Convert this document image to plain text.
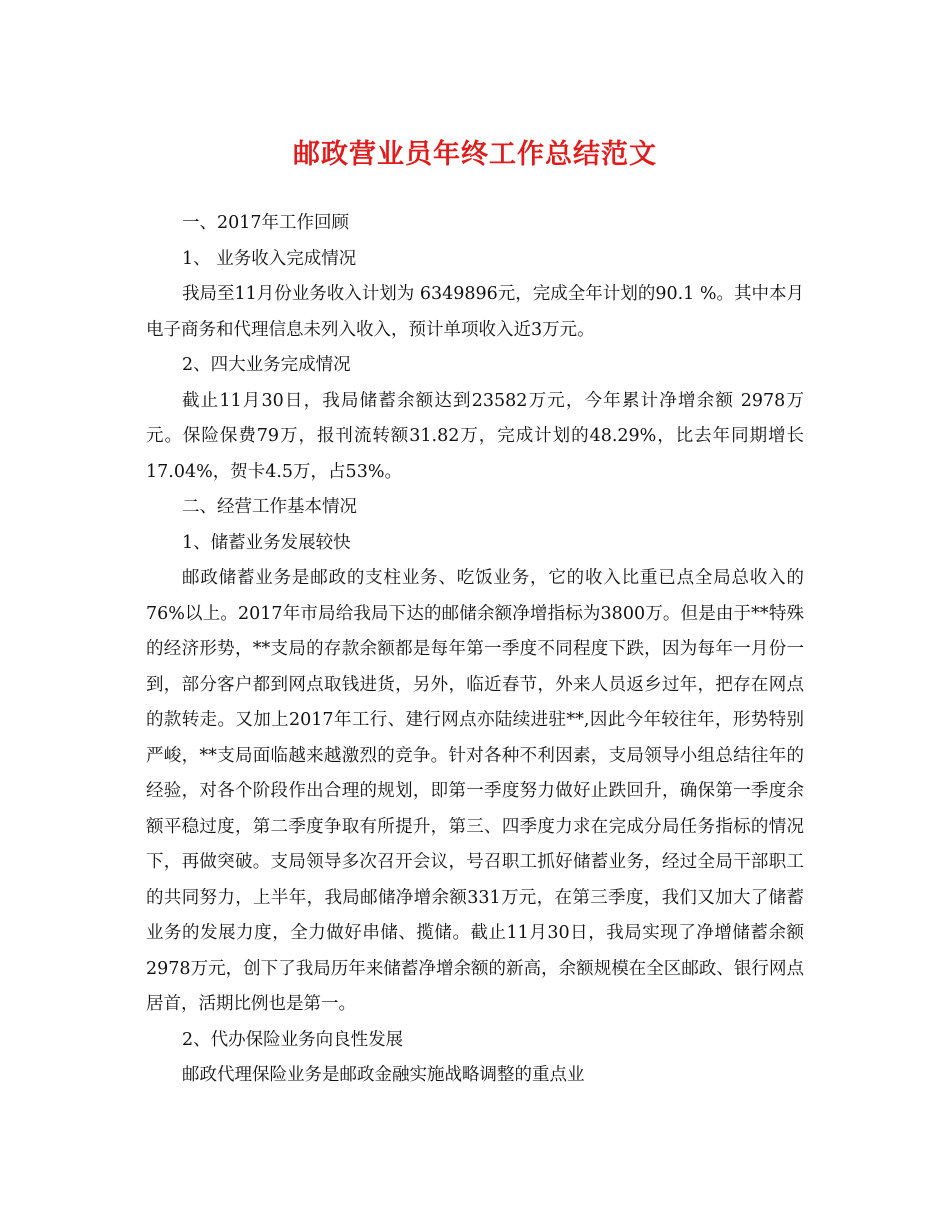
邮政营业员年终工作总结范文

一、2017年工作回顾

1、 业务收入完成情况

我局至11月份业务收入计划为 6349896元，完成全年计划的90.1 %。其中本月电子商务和代理信息未列入收入，预计单项收入近3万元。

2、四大业务完成情况

截止11月30日，我局储蓄余额达到23582万元，今年累计净增余额 2978万元。保险保费79万，报刊流转额31.82万，完成计划的48.29%，比去年同期增长17.04%，贺卡4.5万，占53%。

二、经营工作基本情况

1、储蓄业务发展较快

邮政储蓄业务是邮政的支柱业务、吃饭业务，它的收入比重已点全局总收入的76%以上。2017年市局给我局下达的邮储余额净增指标为3800万。但是由于**特殊的经济形势，**支局的存款余额都是每年第一季度不同程度下跌，因为每年一月份一到，部分客户都到网点取钱进货，另外，临近春节，外来人员返乡过年，把存在网点的款转走。又加上2017年工行、建行网点亦陆续进驻**,因此今年较往年，形势特别严峻，**支局面临越来越激烈的竞争。针对各种不利因素，支局领导小组总结往年的经验，对各个阶段作出合理的规划，即第一季度努力做好止跌回升，确保第一季度余额平稳过度，第二季度争取有所提升，第三、四季度力求在完成分局任务指标的情况下，再做突破。支局领导多次召开会议，号召职工抓好储蓄业务，经过全局干部职工的共同努力，上半年，我局邮储净增余额331万元，在第三季度，我们又加大了储蓄业务的发展力度，全力做好串储、揽储。截止11月30日，我局实现了净增储蓄余额2978万元，创下了我局历年来储蓄净增余额的新高，余额规模在全区邮政、银行网点居首，活期比例也是第一。

2、代办保险业务向良性发展

邮政代理保险业务是邮政金融实施战略调整的重点业
